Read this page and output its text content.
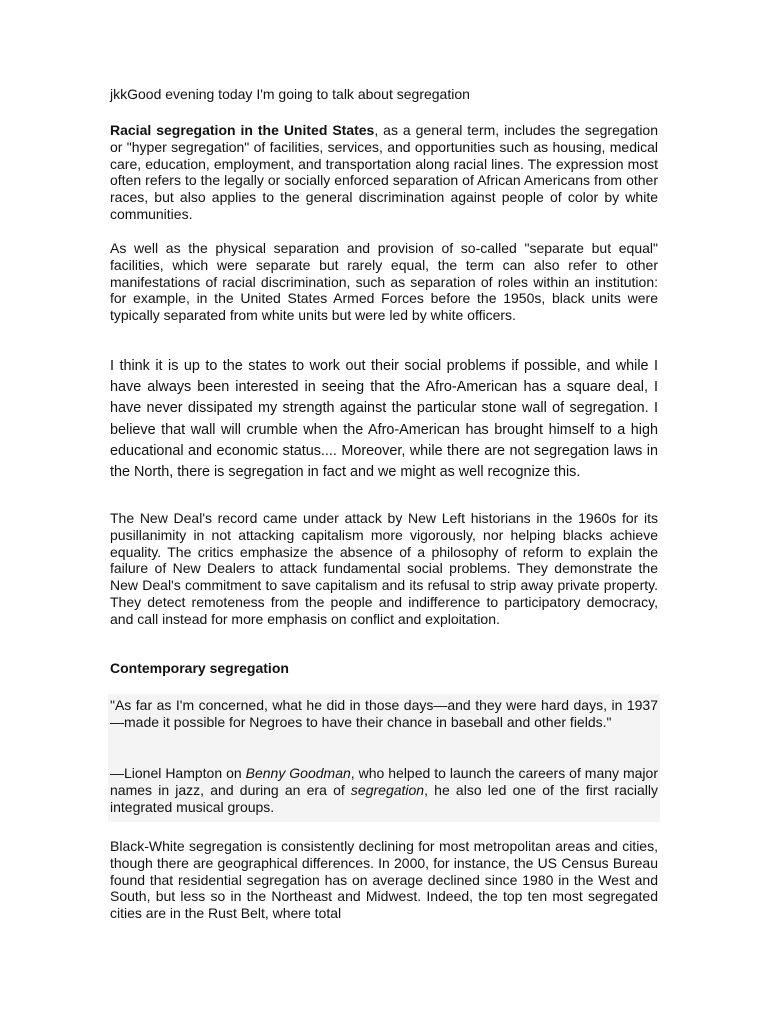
jkkGood evening today I'm going to talk about segregation

Racial segregation in the United States, as a general term, includes the segregation or "hyper segregation" of facilities, services, and opportunities such as housing, medical care, education, employment, and transportation along racial lines. The expression most often refers to the legally or socially enforced separation of African Americans from other races, but also applies to the general discrimination against people of color by white communities.

As well as the physical separation and provision of so-called "separate but equal" facilities, which were separate but rarely equal, the term can also refer to other manifestations of racial discrimination, such as separation of roles within an institution: for example, in the United States Armed Forces before the 1950s, black units were typically separated from white units but were led by white officers.

I think it is up to the states to work out their social problems if possible, and while I have always been interested in seeing that the Afro-American has a square deal, I have never dissipated my strength against the particular stone wall of segregation. I believe that wall will crumble when the Afro-American has brought himself to a high educational and economic status.... Moreover, while there are not segregation laws in the North, there is segregation in fact and we might as well recognize this.

The New Deal's record came under attack by New Left historians in the 1960s for its pusillanimity in not attacking capitalism more vigorously, nor helping blacks achieve equality. The critics emphasize the absence of a philosophy of reform to explain the failure of New Dealers to attack fundamental social problems. They demonstrate the New Deal's commitment to save capitalism and its refusal to strip away private property. They detect remoteness from the people and indifference to participatory democracy, and call instead for more emphasis on conflict and exploitation.

Contemporary segregation

"As far as I'm concerned, what he did in those days—and they were hard days, in 1937—made it possible for Negroes to have their chance in baseball and other fields."

—Lionel Hampton on Benny Goodman, who helped to launch the careers of many major names in jazz, and during an era of segregation, he also led one of the first racially integrated musical groups.

Black-White segregation is consistently declining for most metropolitan areas and cities, though there are geographical differences. In 2000, for instance, the US Census Bureau found that residential segregation has on average declined since 1980 in the West and South, but less so in the Northeast and Midwest. Indeed, the top ten most segregated cities are in the Rust Belt, where total
